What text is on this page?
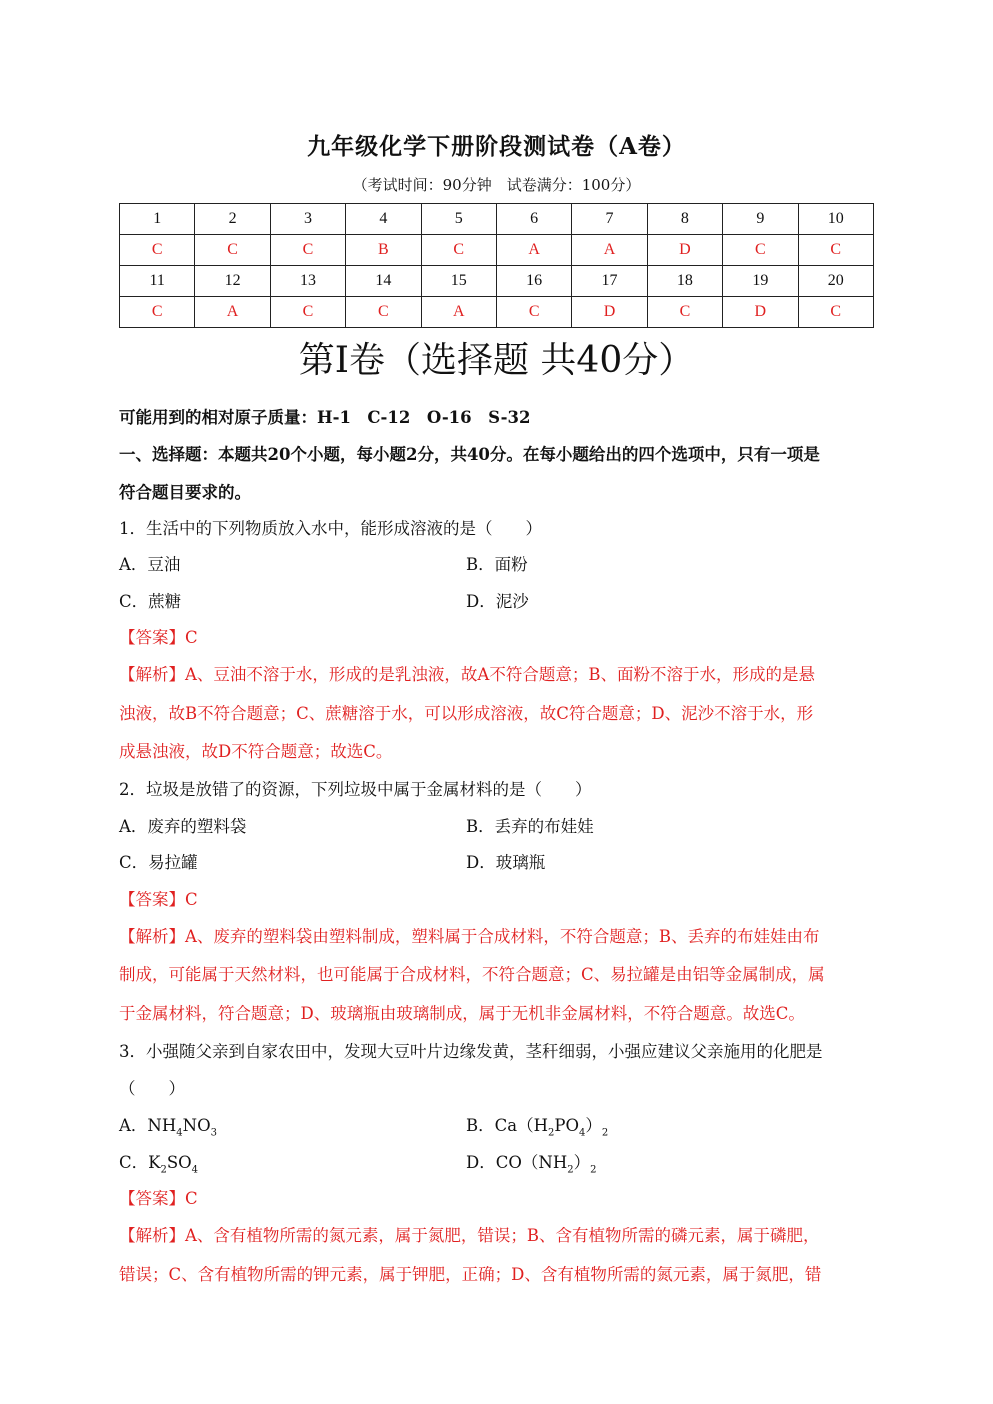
九年级化学下册阶段测试卷（A卷）
（考试时间：90分钟　试卷满分：100分）
1	2	3	4	5	6	7	8	9	10
C	C	C	B	C	A	A	D	C	C
11	12	13	14	15	16	17	18	19	20
C	A	C	C	A	C	D	C	D	C
第Ⅰ卷（选择题 共40分）
可能用到的相对原子质量：H-1　C-12　O-16　S-32
一、选择题：本题共20个小题，每小题2分，共40分。在每小题给出的四个选项中，只有一项是
符合题目要求的。
1．生活中的下列物质放入水中，能形成溶液的是（　　）
A．豆油	B．面粉
C．蔗糖	D．泥沙
【答案】C
【解析】A、豆油不溶于水，形成的是乳浊液，故A不符合题意；B、面粉不溶于水，形成的是悬
浊液，故B不符合题意；C、蔗糖溶于水，可以形成溶液，故C符合题意；D、泥沙不溶于水，形
成悬浊液，故D不符合题意；故选C。
2．垃圾是放错了的资源，下列垃圾中属于金属材料的是（　　）
A．废弃的塑料袋	B．丢弃的布娃娃
C．易拉罐	D．玻璃瓶
【答案】C
【解析】A、废弃的塑料袋由塑料制成，塑料属于合成材料，不符合题意；B、丢弃的布娃娃由布
制成，可能属于天然材料，也可能属于合成材料，不符合题意；C、易拉罐是由铝等金属制成，属
于金属材料，符合题意；D、玻璃瓶由玻璃制成，属于无机非金属材料，不符合题意。故选C。
3．小强随父亲到自家农田中，发现大豆叶片边缘发黄，茎秆细弱，小强应建议父亲施用的化肥是
（　　）
A．$NH_4NO_3$	B．$Ca(H_2PO_4)_2$
C．$K_2SO_4$	D．$CO(NH_2)_2$
【答案】C
【解析】A、含有植物所需的氮元素，属于氮肥，错误；B、含有植物所需的磷元素，属于磷肥，
错误；C、含有植物所需的钾元素，属于钾肥，正确；D、含有植物所需的氮元素，属于氮肥，错
